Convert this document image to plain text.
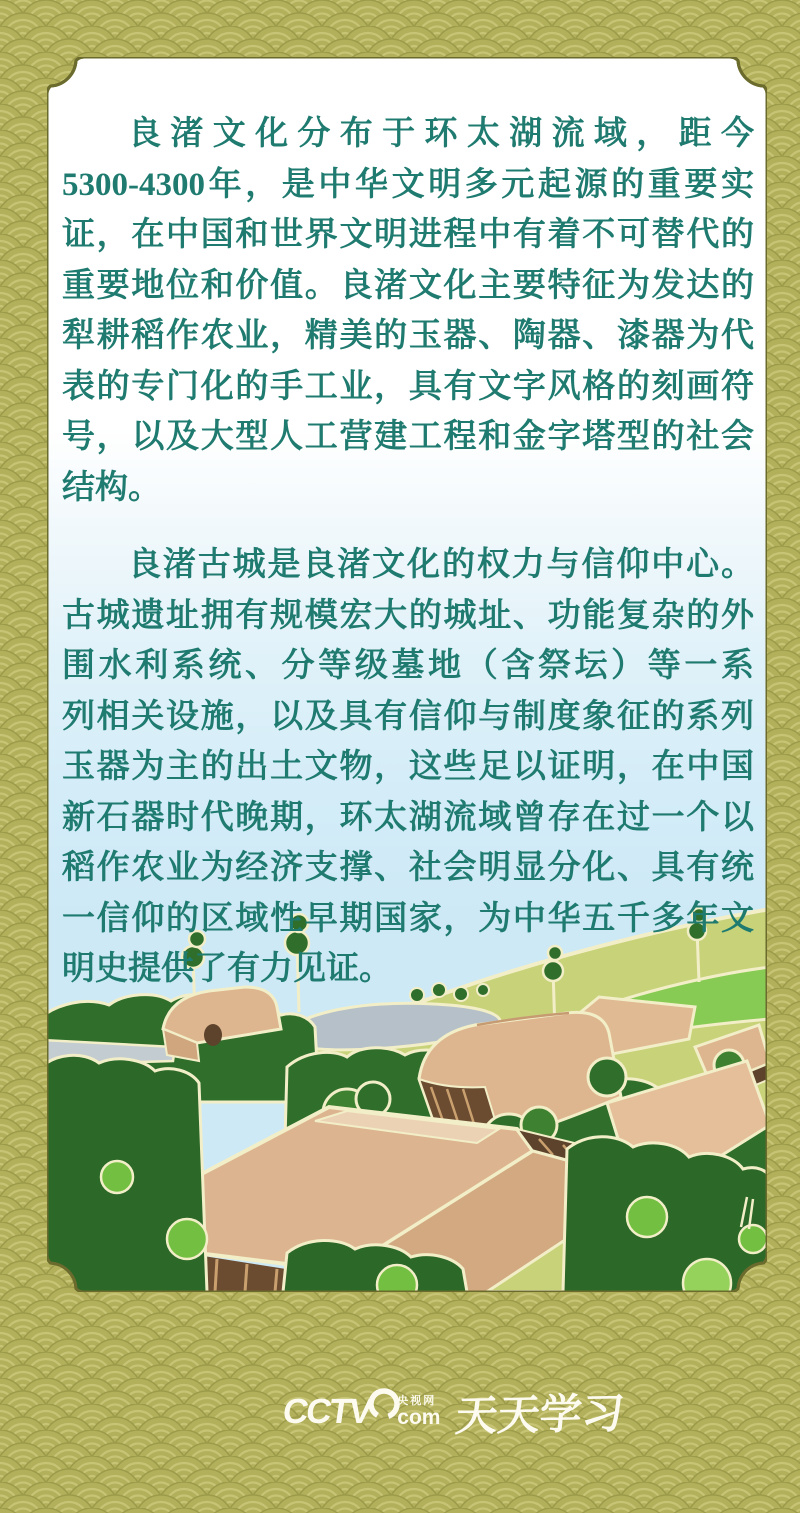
良渚文化分布于环太湖流域，距今
5300-4300年，是中华文明多元起源的重要实
证，在中国和世界文明进程中有着不可替代的
重要地位和价值。良渚文化主要特征为发达的
犁耕稻作农业，精美的玉器、陶器、漆器为代
表的专门化的手工业，具有文字风格的刻画符
号，以及大型人工营建工程和金字塔型的社会
结构。
良渚古城是良渚文化的权力与信仰中心。
古城遗址拥有规模宏大的城址、功能复杂的外
围水利系统、分等级墓地（含祭坛）等一系
列相关设施，以及具有信仰与制度象征的系列
玉器为主的出土文物，这些足以证明，在中国
新石器时代晚期，环太湖流域曾存在过一个以
稻作农业为经济支撑、社会明显分化、具有统
一信仰的区域性早期国家，为中华五千多年文
明史提供了有力见证。
CCTV 央视网
com 天天学习
